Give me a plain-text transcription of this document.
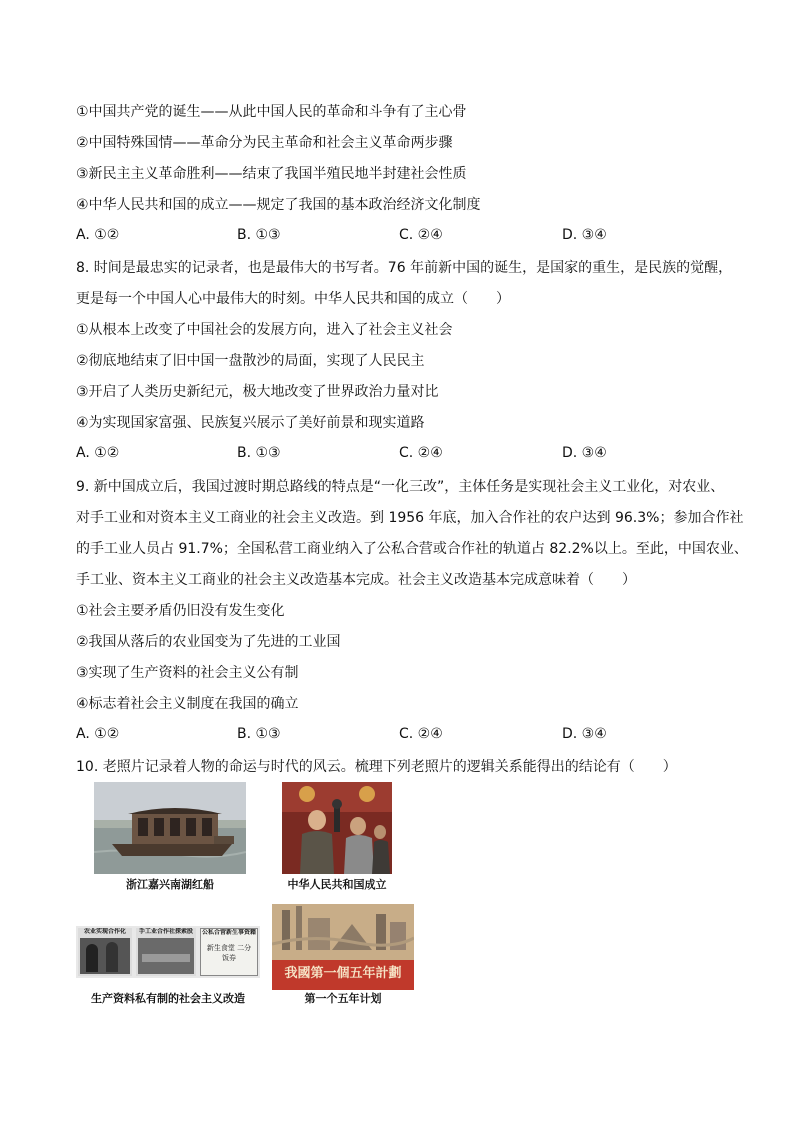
①中国共产党的诞生——从此中国人民的革命和斗争有了主心骨
②中国特殊国情——革命分为民主革命和社会主义革命两步骤
③新民主主义革命胜利——结束了我国半殖民地半封建社会性质
④中华人民共和国的成立——规定了我国的基本政治经济文化制度
A. ①②	B. ①③	C. ②④	D. ③④
8. 时间是最忠实的记录者，也是最伟大的书写者。76 年前新中国的诞生，是国家的重生，是民族的觉醒，
更是每一个中国人心中最伟大的时刻。中华人民共和国的成立（　　）
①从根本上改变了中国社会的发展方向，进入了社会主义社会
②彻底地结束了旧中国一盘散沙的局面，实现了人民民主
③开启了人类历史新纪元，极大地改变了世界政治力量对比
④为实现国家富强、民族复兴展示了美好前景和现实道路
A. ①②	B. ①③	C. ②④	D. ③④
9. 新中国成立后，我国过渡时期总路线的特点是“一化三改”，主体任务是实现社会主义工业化，对农业、
对手工业和对资本主义工商业的社会主义改造。到 1956 年底，加入合作社的农户达到 96.3%；参加合作社
的手工业人员占 91.7%；全国私营工商业纳入了公私合营或合作社的轨道占 82.2%以上。至此，中国农业、
手工业、资本主义工商业的社会主义改造基本完成。社会主义改造基本完成意味着（　　）
①社会主要矛盾仍旧没有发生变化
②我国从落后的农业国变为了先进的工业国
③实现了生产资料的社会主义公有制
④标志着社会主义制度在我国的确立
A. ①②	B. ①③	C. ②④	D. ③④
10. 老照片记录着人物的命运与时代的风云。梳理下列老照片的逻辑关系能得出的结论有（　　）
浙江嘉兴南湖红船	中华人民共和国成立
农业实现合作化	手工业合作社探索股	公私合营新生事资籍
新生食堂 二分饭券
生产资料私有制的社会主义改造
我國第一個五年計劃
第一个五年计划
